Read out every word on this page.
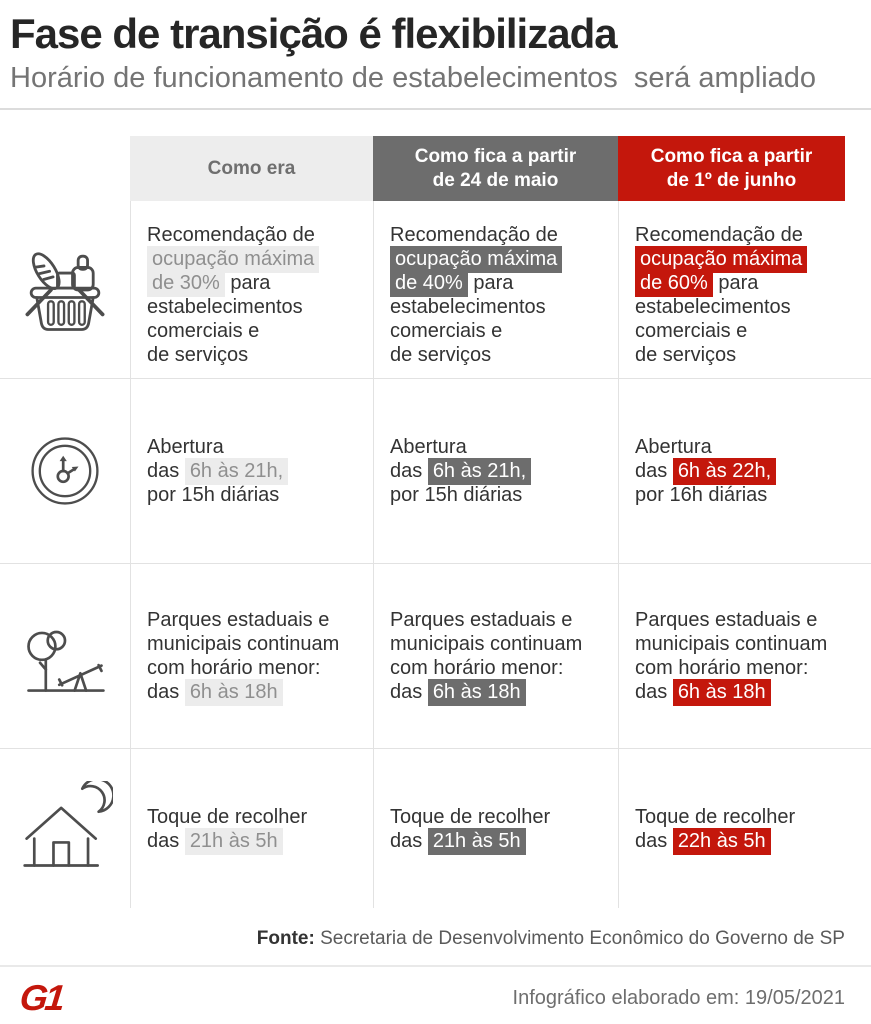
Fase de transição é flexibilizada
Horário de funcionamento de estabelecimentos  será ampliado
Como era
Como fica a partir
de 24 de maio
Como fica a partir
de 1º de junho
Recomendação de
ocupação máxima
de 30% para
estabelecimentos
comerciais e
de serviços
Recomendação de
ocupação máxima
de 40% para
estabelecimentos
comerciais e
de serviços
Recomendação de
ocupação máxima
de 60% para
estabelecimentos
comerciais e
de serviços
Abertura
das 6h às 21h,
por 15h diárias
Abertura
das 6h às 21h,
por 15h diárias
Abertura
das 6h às 22h,
por 16h diárias
Parques estaduais e
municipais continuam
com horário menor:
das 6h às 18h
Parques estaduais e
municipais continuam
com horário menor:
das 6h às 18h
Parques estaduais e
municipais continuam
com horário menor:
das 6h às 18h
Toque de recolher
das 21h às 5h
Toque de recolher
das 21h às 5h
Toque de recolher
das 22h às 5h
Fonte: Secretaria de Desenvolvimento Econômico do Governo de SP
G1	Infográfico elaborado em: 19/05/2021
